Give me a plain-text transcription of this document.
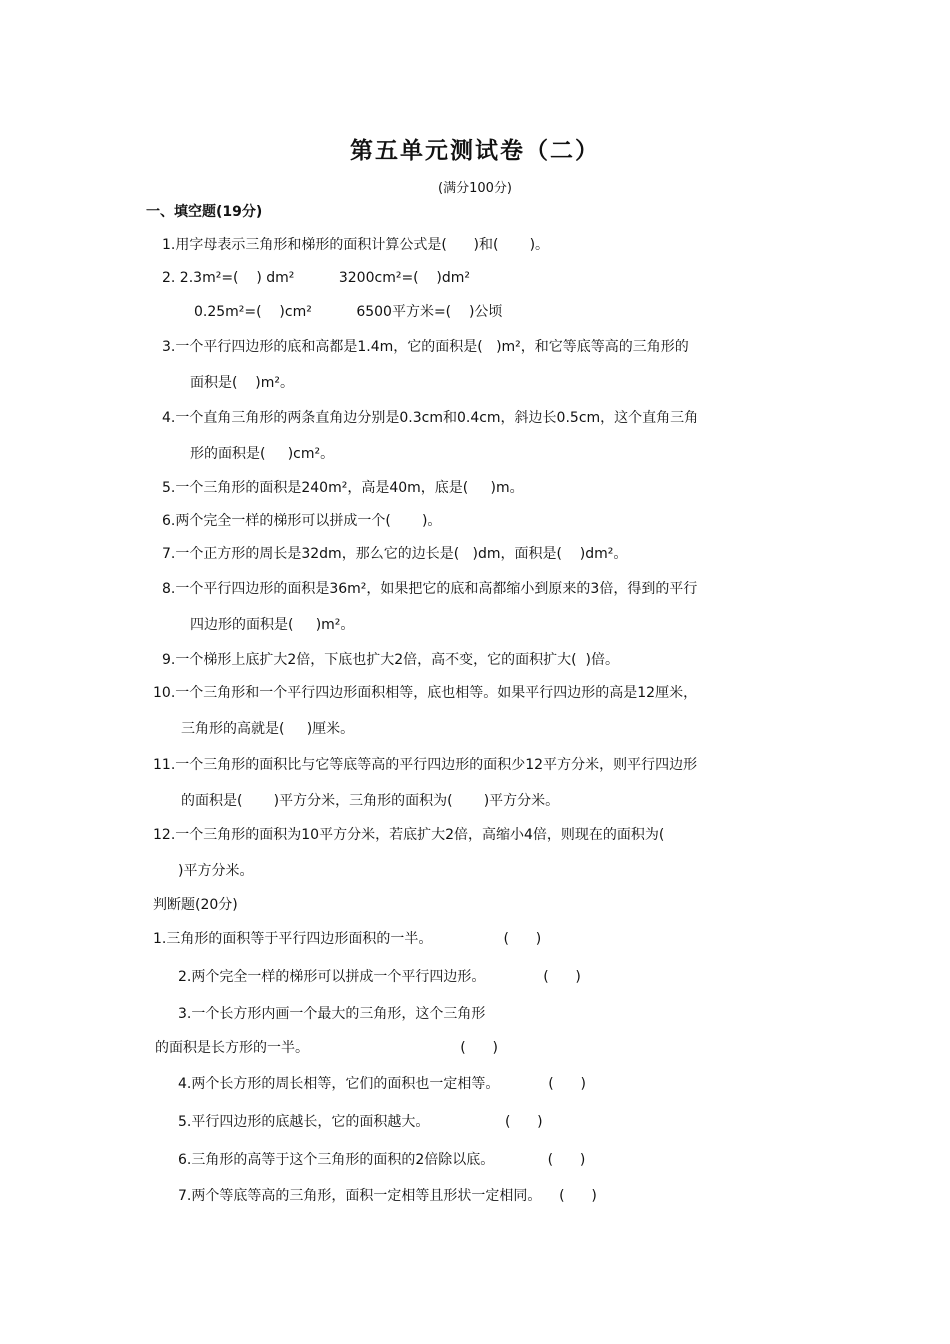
第五单元测试卷（二）
(满分100分)
一、填空题(19分)
1.用字母表示三角形和梯形的面积计算公式是(      )和(       )。
2. 2.3m²=(    ) dm²          3200cm²=(    )dm²
0.25m²=(    )cm²          6500平方米=(    )公顷
3.一个平行四边形的底和高都是1.4m，它的面积是(   )m²，和它等底等高的三角形的
面积是(    )m²。
4.一个直角三角形的两条直角边分别是0.3cm和0.4cm，斜边长0.5cm，这个直角三角
形的面积是(     )cm²。
5.一个三角形的面积是240m²，高是40m，底是(     )m。
6.两个完全一样的梯形可以拼成一个(       )。
7.一个正方形的周长是32dm，那么它的边长是(   )dm，面积是(    )dm²。
8.一个平行四边形的面积是36m²，如果把它的底和高都缩小到原来的3倍，得到的平行
四边形的面积是(     )m²。
9.一个梯形上底扩大2倍，下底也扩大2倍，高不变，它的面积扩大(  )倍。
10.一个三角形和一个平行四边形面积相等，底也相等。如果平行四边形的高是12厘米，
三角形的高就是(     )厘米。
11.一个三角形的面积比与它等底等高的平行四边形的面积少12平方分米，则平行四边形
的面积是(       )平方分米，三角形的面积为(       )平方分米。
12.一个三角形的面积为10平方分米，若底扩大2倍，高缩小4倍，则现在的面积为(
)平方分米。
判断题(20分)
1.三角形的面积等于平行四边形面积的一半。                (      )
2.两个完全一样的梯形可以拼成一个平行四边形。             (      )
3.一个长方形内画一个最大的三角形，这个三角形
的面积是长方形的一半。                                  (      )
4.两个长方形的周长相等，它们的面积也一定相等。           (      )
5.平行四边形的底越长，它的面积越大。                 (      )
6.三角形的高等于这个三角形的面积的2倍除以底。            (      )
7.两个等底等高的三角形，面积一定相等且形状一定相同。    (      )
